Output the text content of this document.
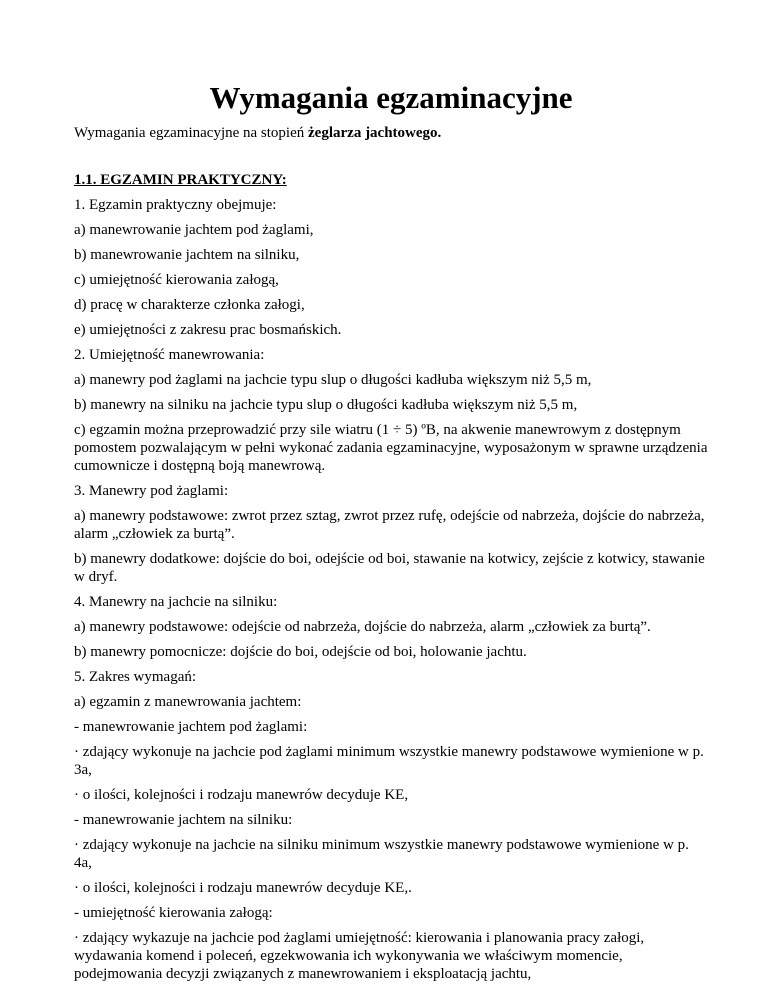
Wymagania egzaminacyjne

Wymagania egzaminacyjne na stopień żeglarza jachtowego.

1.1. EGZAMIN PRAKTYCZNY:

1. Egzamin praktyczny obejmuje:

a) manewrowanie jachtem pod żaglami,

b) manewrowanie jachtem na silniku,

c) umiejętność kierowania załogą,

d) pracę w charakterze członka załogi,

e) umiejętności z zakresu prac bosmańskich.

2. Umiejętność manewrowania:

a) manewry pod żaglami na jachcie typu slup o długości kadłuba większym niż 5,5 m,

b) manewry na silniku na jachcie typu slup o długości kadłuba większym niż 5,5 m,

c) egzamin można przeprowadzić przy sile wiatru (1 ÷ 5) ºB, na akwenie manewrowym z dostępnym pomostem pozwalającym w pełni wykonać zadania egzaminacyjne, wyposażonym w sprawne urządzenia cumownicze i dostępną boją manewrową.

3. Manewry pod żaglami:

a) manewry podstawowe: zwrot przez sztag, zwrot przez rufę, odejście od nabrzeża, dojście do nabrzeża, alarm „człowiek za burtą”.

b) manewry dodatkowe: dojście do boi, odejście od boi, stawanie na kotwicy, zejście z kotwicy, stawanie w dryf.

4. Manewry na jachcie na silniku:

a) manewry podstawowe: odejście od nabrzeża, dojście do nabrzeża, alarm „człowiek za burtą”.

b) manewry pomocnicze: dojście do boi, odejście od boi, holowanie jachtu.

5. Zakres wymagań:

a) egzamin z manewrowania jachtem:

- manewrowanie jachtem pod żaglami:

· zdający wykonuje na jachcie pod żaglami minimum wszystkie manewry podstawowe wymienione w p. 3a,

· o ilości, kolejności i rodzaju manewrów decyduje KE,

- manewrowanie jachtem na silniku:

· zdający wykonuje na jachcie na silniku minimum wszystkie manewry podstawowe wymienione w p. 4a,

· o ilości, kolejności i rodzaju manewrów decyduje KE,.

- umiejętność kierowania załogą:

· zdający wykazuje na jachcie pod żaglami umiejętność: kierowania i planowania pracy załogi, wydawania komend i poleceń, egzekwowania ich wykonywania we właściwym momencie, podejmowania decyzji związanych z manewrowaniem i eksploatacją jachtu,
